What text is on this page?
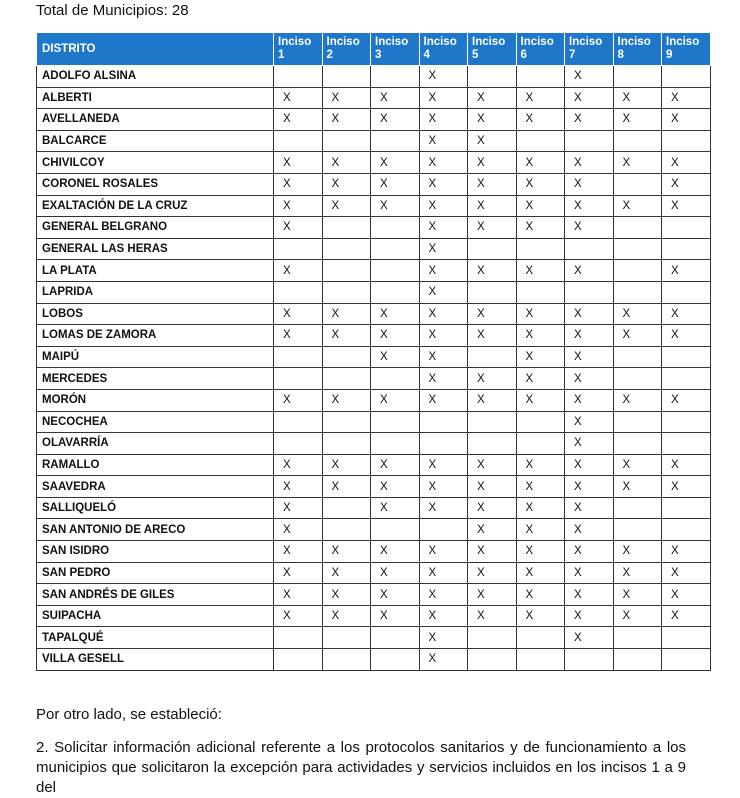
Total de Municipios: 28
DISTRITO	Inciso 1	Inciso 2	Inciso 3	Inciso 4	Inciso 5	Inciso 6	Inciso 7	Inciso 8	Inciso 9
ADOLFO ALSINA				X			X		
ALBERTI	X	X	X	X	X	X	X	X	X
AVELLANEDA	X	X	X	X	X	X	X	X	X
BALCARCE				X	X				
CHIVILCOY	X	X	X	X	X	X	X	X	X
CORONEL ROSALES	X	X	X	X	X	X	X		X
EXALTACIÓN DE LA CRUZ	X	X	X	X	X	X	X	X	X
GENERAL BELGRANO	X			X	X	X	X		
GENERAL LAS HERAS				X					
LA PLATA	X			X	X	X	X		X
LAPRIDA				X					
LOBOS	X	X	X	X	X	X	X	X	X
LOMAS DE ZAMORA	X	X	X	X	X	X	X	X	X
MAIPÚ			X	X		X	X		
MERCEDES				X	X	X	X		
MORÓN	X	X	X	X	X	X	X	X	X
NECOCHEA							X		
OLAVARRÍA							X		
RAMALLO	X	X	X	X	X	X	X	X	X
SAAVEDRA	X	X	X	X	X	X	X	X	X
SALLIQUELÓ	X		X	X	X	X	X		
SAN ANTONIO DE ARECO	X				X	X	X		
SAN ISIDRO	X	X	X	X	X	X	X	X	X
SAN PEDRO	X	X	X	X	X	X	X	X	X
SAN ANDRÉS DE GILES	X	X	X	X	X	X	X	X	X
SUIPACHA	X	X	X	X	X	X	X	X	X
TAPALQUÉ				X			X		
VILLA GESELL				X					
Por otro lado, se estableció:
2. Solicitar información adicional referente a los protocolos sanitarios y de funcionamiento a los municipios que solicitaron la excepción para actividades y servicios incluidos en los incisos 1 a 9 del
